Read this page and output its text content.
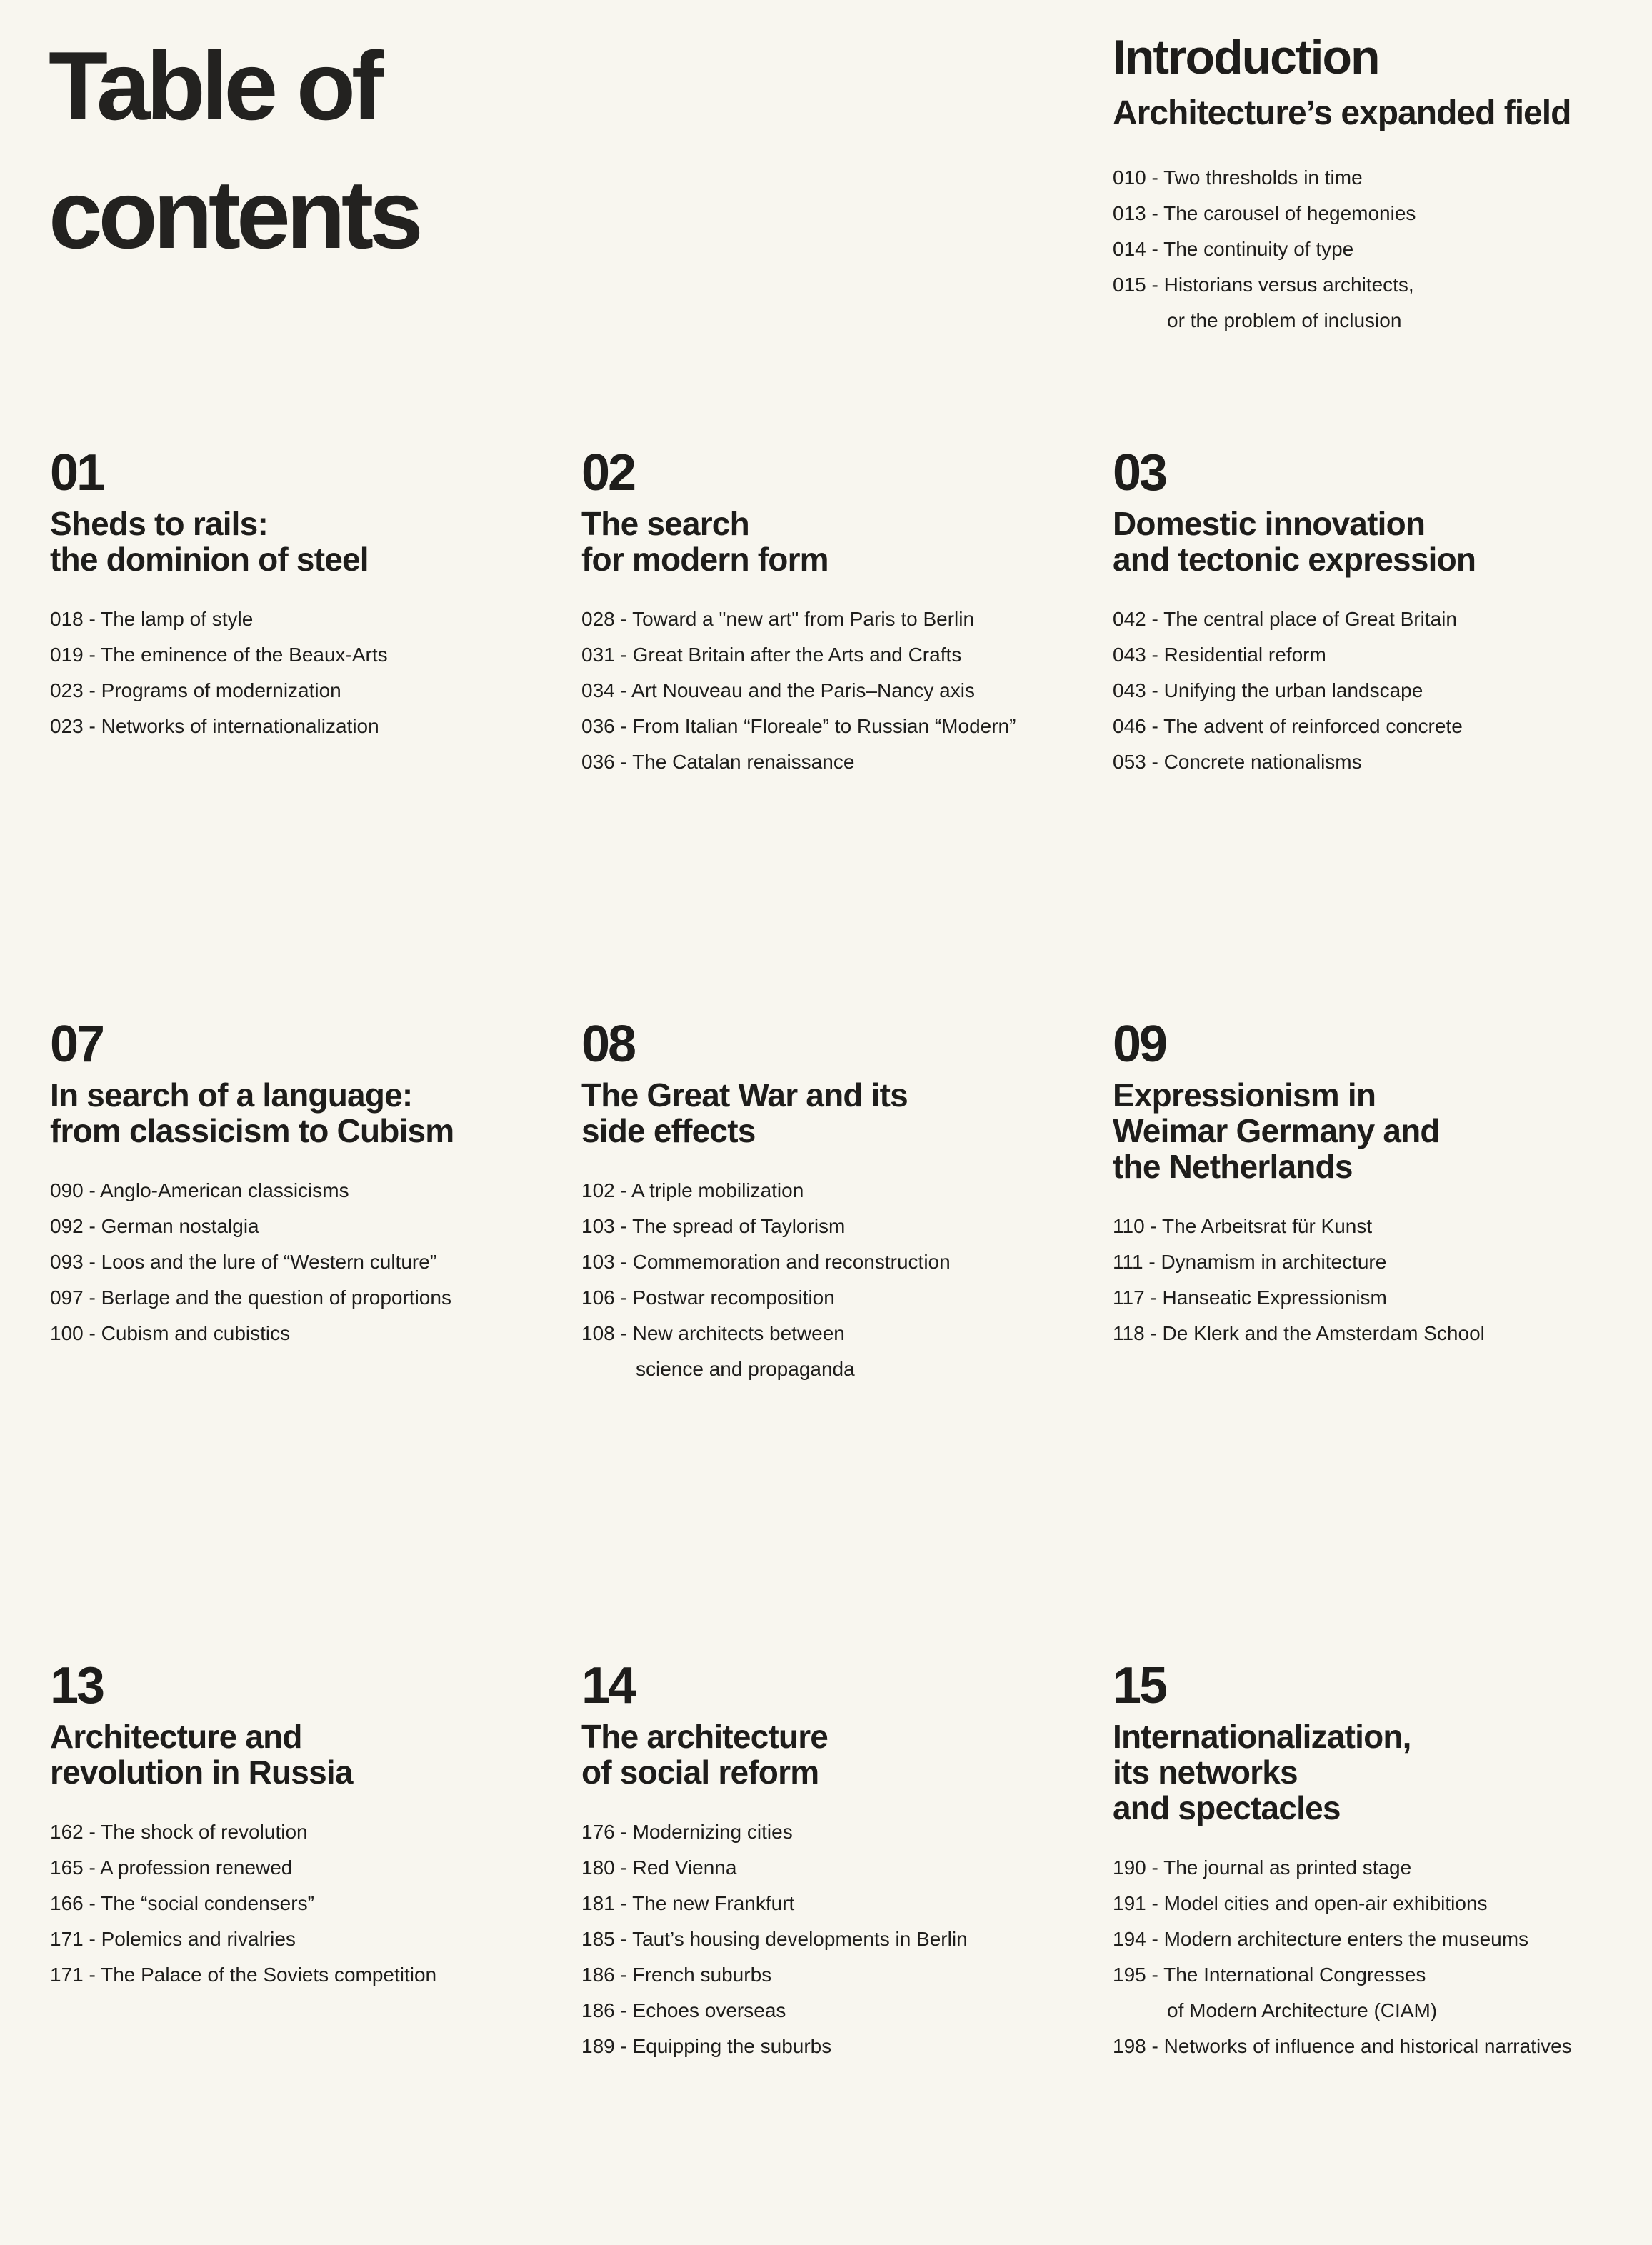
Table of contents
Introduction
Architecture’s expanded field
010 - Two thresholds in time
013 - The carousel of hegemonies
014 - The continuity of type
015 - Historians versus architects,
or the problem of inclusion
01
Sheds to rails:
the dominion of steel
018 - The lamp of style
019 - The eminence of the Beaux-Arts
023 - Programs of modernization
023 - Networks of internationalization
02
The search
for modern form
028 - Toward a "new art" from Paris to Berlin
031 - Great Britain after the Arts and Crafts
034 - Art Nouveau and the Paris–Nancy axis
036 - From Italian “Floreale” to Russian “Modern”
036 - The Catalan renaissance
03
Domestic innovation
and tectonic expression
042 - The central place of Great Britain
043 - Residential reform
043 - Unifying the urban landscape
046 - The advent of reinforced concrete
053 - Concrete nationalisms
07
In search of a language:
from classicism to Cubism
090 - Anglo-American classicisms
092 - German nostalgia
093 - Loos and the lure of “Western culture”
097 - Berlage and the question of proportions
100 - Cubism and cubistics
08
The Great War and its
side effects
102 - A triple mobilization
103 - The spread of Taylorism
103 - Commemoration and reconstruction
106 - Postwar recomposition
108 - New architects between
science and propaganda
09
Expressionism in
Weimar Germany and
the Netherlands
110 - The Arbeitsrat für Kunst
111 - Dynamism in architecture
117 - Hanseatic Expressionism
118 - De Klerk and the Amsterdam School
13
Architecture and
revolution in Russia
162 - The shock of revolution
165 - A profession renewed
166 - The “social condensers”
171 - Polemics and rivalries
171 - The Palace of the Soviets competition
14
The architecture
of social reform
176 - Modernizing cities
180 - Red Vienna
181 - The new Frankfurt
185 - Taut’s housing developments in Berlin
186 - French suburbs
186 - Echoes overseas
189 - Equipping the suburbs
15
Internationalization,
its networks
and spectacles
190 - The journal as printed stage
191 - Model cities and open-air exhibitions
194 - Modern architecture enters the museums
195 - The International Congresses
of Modern Architecture (CIAM)
198 - Networks of influence and historical narratives
